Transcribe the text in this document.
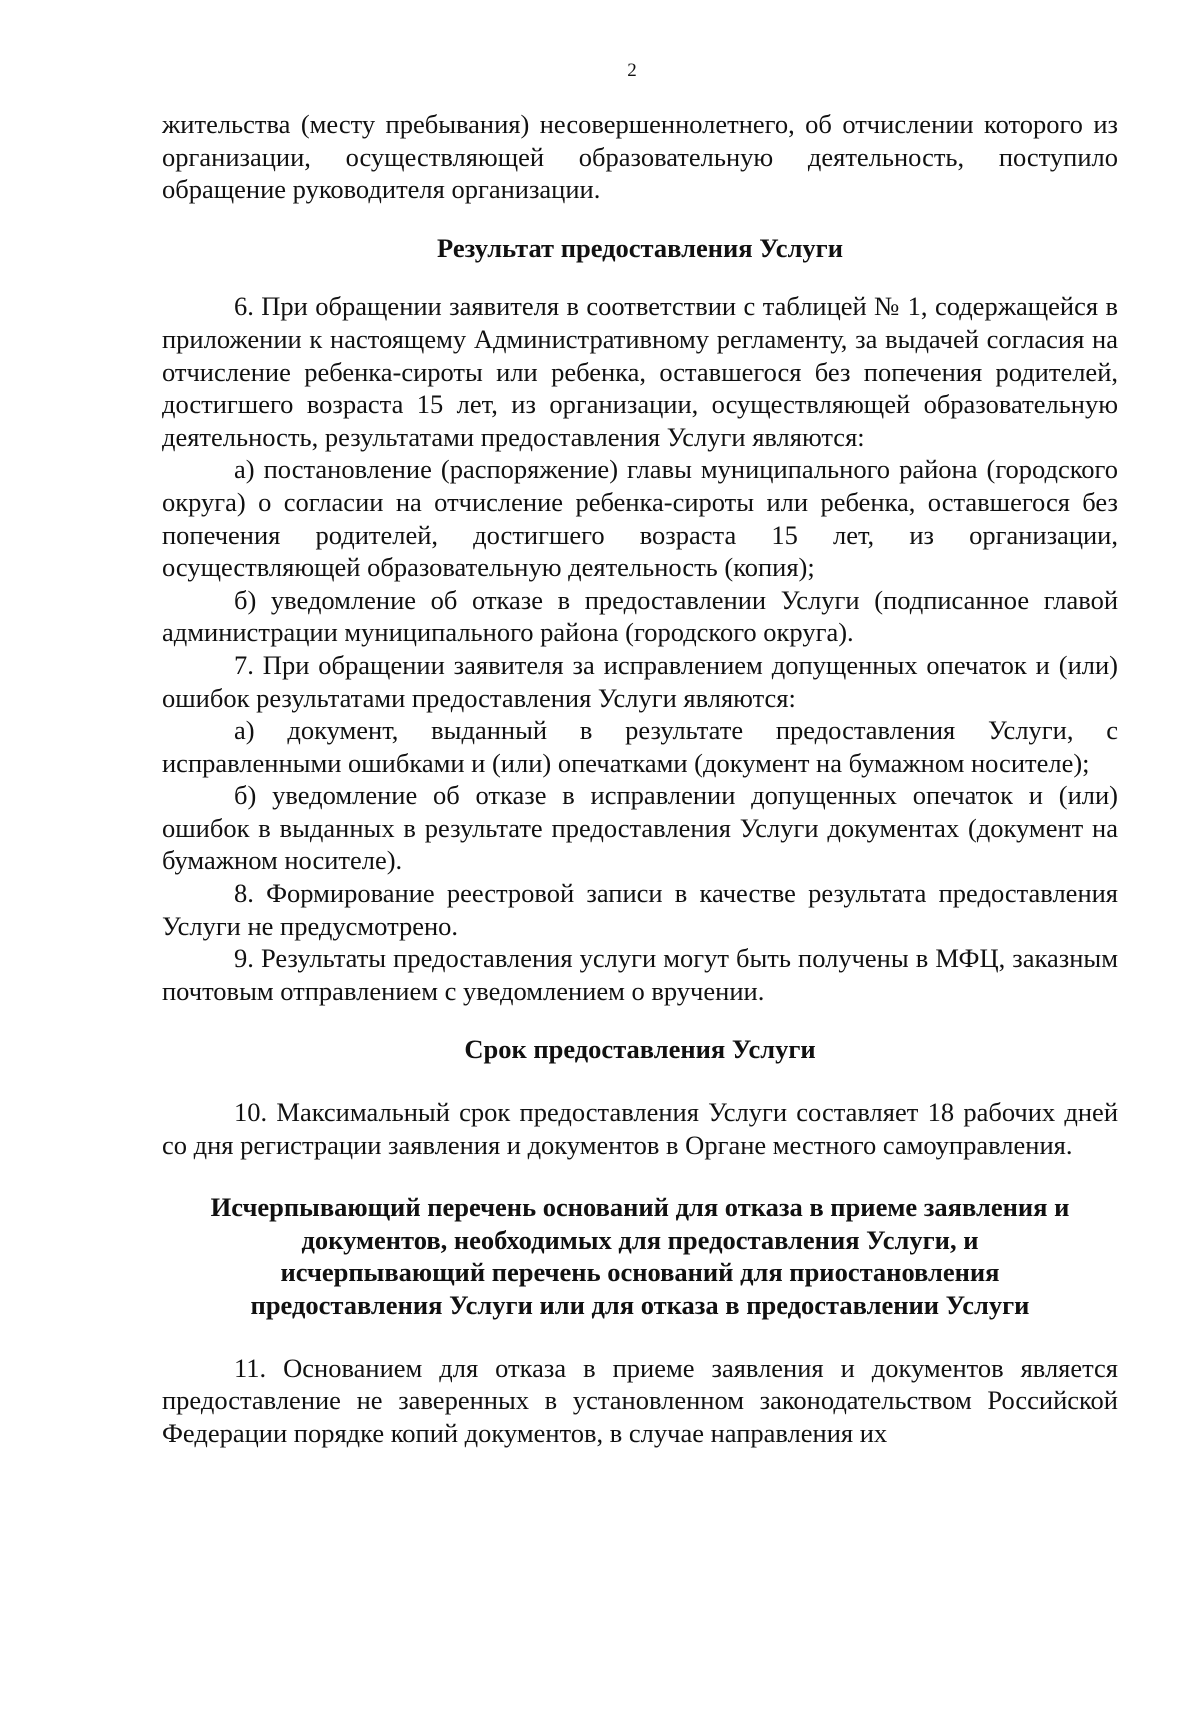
2

жительства (месту пребывания) несовершеннолетнего, об отчислении которого из организации, осуществляющей образовательную деятельность, поступило обращение руководителя организации.

Результат предоставления Услуги

6. При обращении заявителя в соответствии с таблицей № 1, содержащейся в приложении к настоящему Административному регламенту, за выдачей согласия на отчисление ребенка-сироты или ребенка, оставшегося без попечения родителей, достигшего возраста 15 лет, из организации, осуществляющей образовательную деятельность, результатами предоставления Услуги являются:

а) постановление (распоряжение) главы муниципального района (городского округа) о согласии на отчисление ребенка-сироты или ребенка, оставшегося без попечения родителей, достигшего возраста 15 лет, из организации, осуществляющей образовательную деятельность (копия);

б) уведомление об отказе в предоставлении Услуги (подписанное главой администрации муниципального района (городского округа).

7. При обращении заявителя за исправлением допущенных опечаток и (или) ошибок результатами предоставления Услуги являются:

а) документ, выданный в результате предоставления Услуги, с исправленными ошибками и (или) опечатками (документ на бумажном носителе);

б) уведомление об отказе в исправлении допущенных опечаток и (или) ошибок в выданных в результате предоставления Услуги документах (документ на бумажном носителе).

8. Формирование реестровой записи в качестве результата предоставления Услуги не предусмотрено.

9. Результаты предоставления услуги могут быть получены в МФЦ, заказным почтовым отправлением с уведомлением о вручении.

Срок предоставления Услуги

10. Максимальный срок предоставления Услуги составляет 18 рабочих дней со дня регистрации заявления и документов в Органе местного самоуправления.

Исчерпывающий перечень оснований для отказа в приеме заявления и
документов, необходимых для предоставления Услуги, и
исчерпывающий перечень оснований для приостановления
предоставления Услуги или для отказа в предоставлении Услуги

11. Основанием для отказа в приеме заявления и документов является предоставление не заверенных в установленном законодательством Российской Федерации порядке копий документов, в случае направления их
